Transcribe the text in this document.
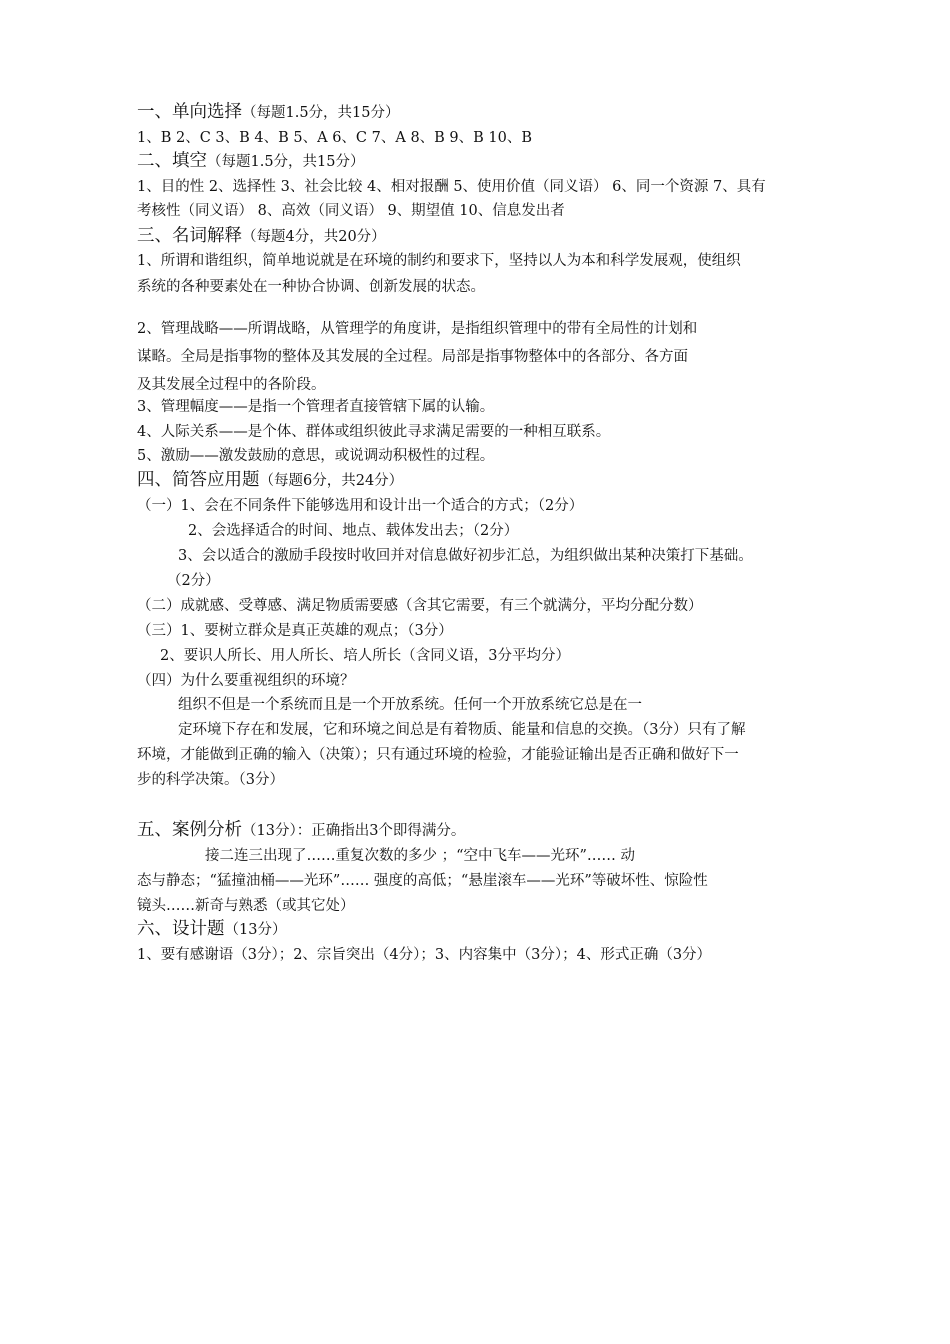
一、单向选择（每题1.5分，共15分）
1、B 2、C 3、B 4、B 5、A 6、C 7、A 8、B 9、B 10、B
二、填空（每题1.5分，共15分）
1、目的性 2、选择性 3、社会比较 4、相对报酬 5、使用价值（同义语） 6、同一个资源 7、具有
考核性（同义语） 8、高效（同义语） 9、期望值 10、信息发出者
三、名词解释（每题4分，共20分）
1、所谓和谐组织，简单地说就是在环境的制约和要求下，坚持以人为本和科学发展观，使组织
系统的各种要素处在一种协合协调、创新发展的状态。
2、管理战略——所谓战略，从管理学的角度讲，是指组织管理中的带有全局性的计划和
谋略。全局是指事物的整体及其发展的全过程。局部是指事物整体中的各部分、各方面
及其发展全过程中的各阶段。
3、管理幅度——是指一个管理者直接管辖下属的认输。
4、人际关系——是个体、群体或组织彼此寻求满足需要的一种相互联系。
5、激励——激发鼓励的意思，或说调动积极性的过程。
四、简答应用题（每题6分，共24分）
（一）1、会在不同条件下能够选用和设计出一个适合的方式；（2分）
2、会选择适合的时间、地点、载体发出去；（2分）
3、会以适合的激励手段按时收回并对信息做好初步汇总，为组织做出某种决策打下基础。
（2分）
（二）成就感、受尊感、满足物质需要感（含其它需要，有三个就满分，平均分配分数）
（三）1、要树立群众是真正英雄的观点；（3分）
2、要识人所长、用人所长、培人所长（含同义语，3分平均分）
（四）为什么要重视组织的环境？
组织不但是一个系统而且是一个开放系统。任何一个开放系统它总是在一
定环境下存在和发展，它和环境之间总是有着物质、能量和信息的交换。（3分）只有了解
环境，才能做到正确的输入（决策）；只有通过环境的检验，才能验证输出是否正确和做好下一
步的科学决策。（3分）
五、案例分析（13分）：正确指出3个即得满分。
接二连三出现了……重复次数的多少 ；“空中飞车——光环”…… 动
态与静态；“猛撞油桶——光环”…… 强度的高低；“悬崖滚车——光环”等破坏性、惊险性
镜头……新奇与熟悉（或其它处）
六、设计题（13分）
1、要有感谢语（3分）；2、宗旨突出（4分）；3、内容集中（3分）；4、形式正确（3分）
